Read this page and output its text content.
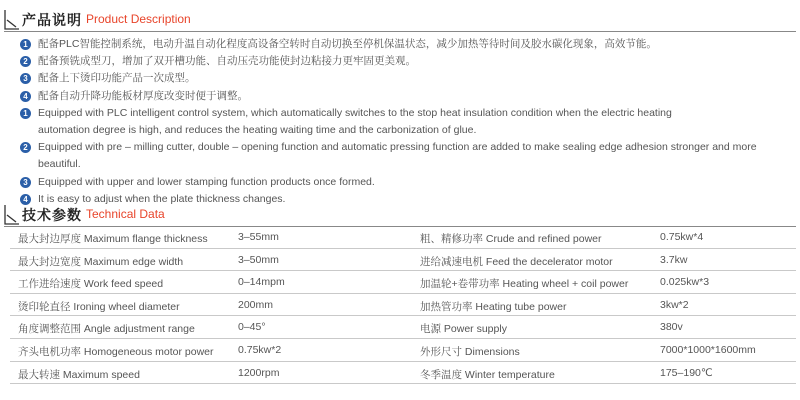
产品说明 Product Description
1 配备PLC智能控制系统，电动升温自动化程度高设备空转时自动切换至停机保温状态，减少加热等待时间及胶水碳化现象，高效节能。
2 配备预铣成型刀，增加了双开槽功能、自动压壳功能使封边粘接力更牢固更美观。
3 配备上下烫印功能产品一次成型。
4 配备自动升降功能板材厚度改变时便于调整。
1 Equipped with PLC intelligent control system, which automatically switches to the stop heat insulation condition when the electric heating
automation degree is high, and reduces the heating waiting time and the carbonization of glue.
2 Equipped with pre – milling cutter, double – opening function and automatic pressing function are added to make sealing edge adhesion stronger and more beautiful.
3 Equipped with upper and lower stamping function products once formed.
4 It is easy to adjust when the plate thickness changes.
技术参数 Technical Data
最大封边厚度 Maximum flange thickness	3–55mm	粗、精修功率 Crude and refined power	0.75kw*4
最大封边宽度 Maximum edge width	3–50mm	进给减速电机 Feed the decelerator motor	3.7kw
工作进给速度 Work feed speed	0–14mpm	加温轮+卷带功率 Heating wheel + coil power	0.025kw*3
烫印轮直径 Ironing wheel diameter	200mm	加热管功率 Heating tube power	3kw*2
角度调整范围 Angle adjustment range	0–45°	电源 Power supply	380v
齐头电机功率 Homogeneous motor power 0.75kw*2	外形尺寸 Dimensions	7000*1000*1600mm
最大转速 Maximum speed	1200rpm	冬季温度 Winter temperature	175–190℃
